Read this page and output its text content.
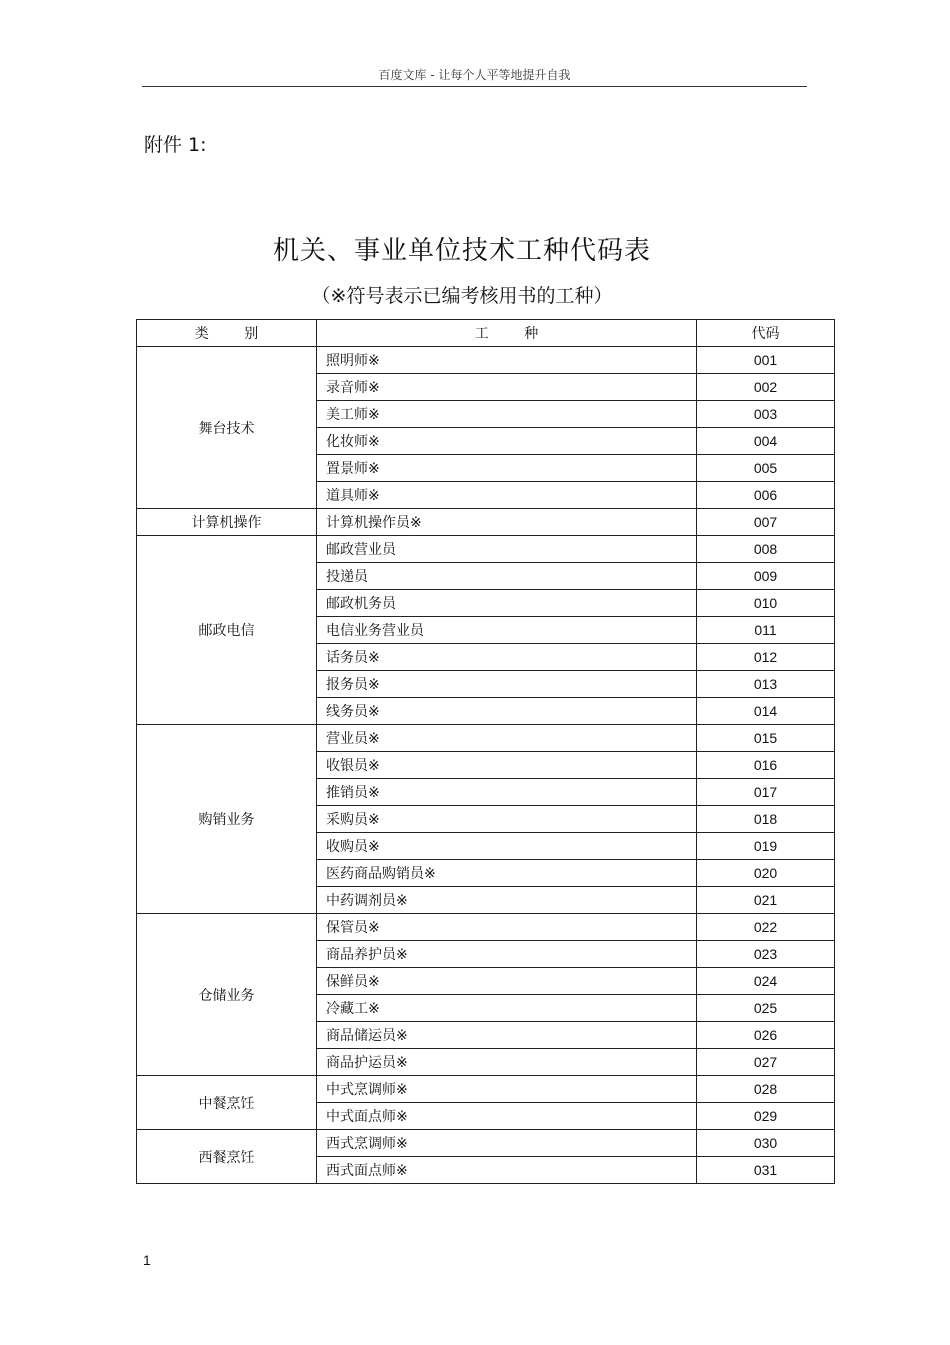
百度文库 - 让每个人平等地提升自我
附件 1:
机关、事业单位技术工种代码表
（※符号表示已编考核用书的工种）
类        别	工        种	代码
舞台技术	照明师※	001
	录音师※	002
	美工师※	003
	化妆师※	004
	置景师※	005
	道具师※	006
计算机操作	计算机操作员※	007
邮政电信	邮政营业员	008
	投递员	009
	邮政机务员	010
	电信业务营业员	011
	话务员※	012
	报务员※	013
	线务员※	014
购销业务	营业员※	015
	收银员※	016
	推销员※	017
	采购员※	018
	收购员※	019
	医药商品购销员※	020
	中药调剂员※	021
仓储业务	保管员※	022
	商品养护员※	023
	保鲜员※	024
	冷藏工※	025
	商品储运员※	026
	商品护运员※	027
中餐烹饪	中式烹调师※	028
	中式面点师※	029
西餐烹饪	西式烹调师※	030
	西式面点师※	031
1
